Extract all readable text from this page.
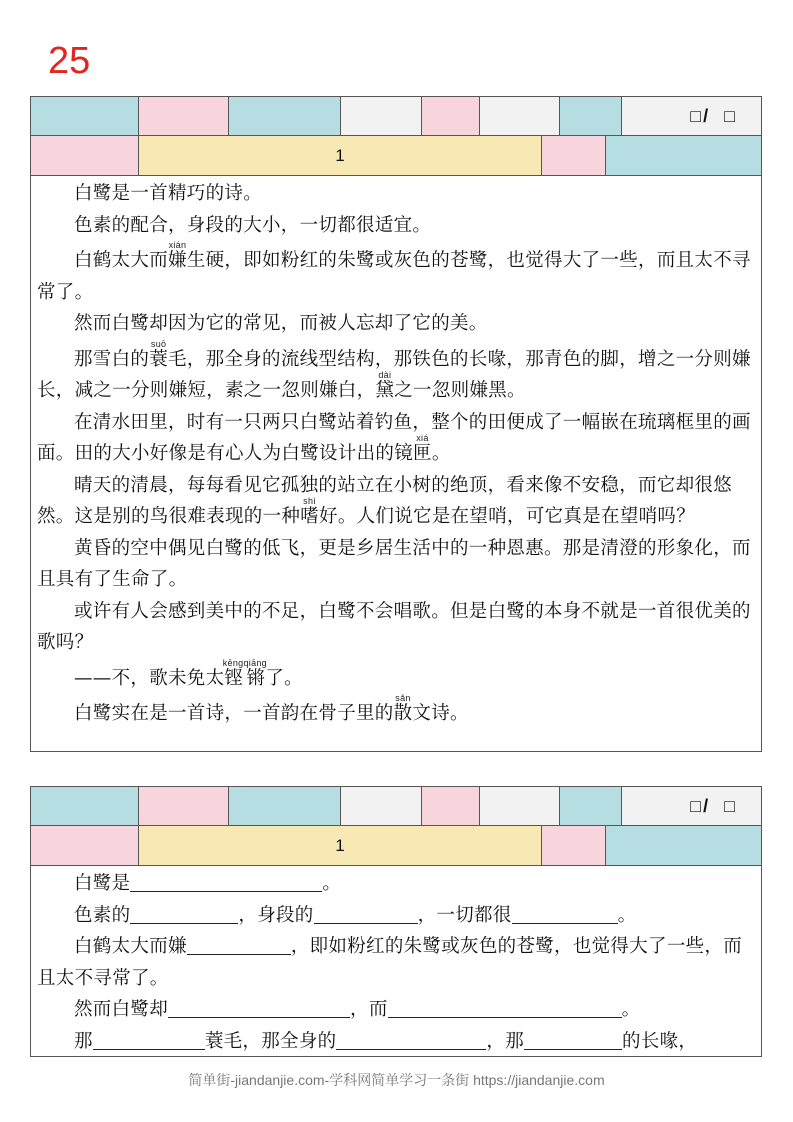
25
□/  □
1

白鹭是一首精巧的诗。

色素的配合，身段的大小，一切都很适宜。

白鹤太大而嫌xián生硬，即如粉红的朱鹭或灰色的苍鹭，也觉得大了一些，而且太不寻常了。

然而白鹭却因为它的常见，而被人忘却了它的美。

那雪白的蓑suō毛，那全身的流线型结构，那铁色的长喙，那青色的脚，增之一分则嫌长，减之一分则嫌短，素之一忽则嫌白，黛dài之一忽则嫌黑。

在清水田里，时有一只两只白鹭站着钓鱼，整个的田便成了一幅嵌在琉璃框里的画面。田的大小好像是有心人为白鹭设计出的镜匣xiá。

晴天的清晨，每每看见它孤独的站立在小树的绝顶，看来像不安稳，而它却很悠然。这是别的鸟很难表现的一种嗜shì好。人们说它是在望哨，可它真是在望哨吗？

黄昏的空中偶见白鹭的低飞，更是乡居生活中的一种恩惠。那是清澄的形象化，而且具有了生命了。

或许有人会感到美中的不足，白鹭不会唱歌。但是白鹭的本身不就是一首很优美的歌吗？

——不，歌未免太铿锵kēngqiāng了。

白鹭实在是一首诗，一首韵在骨子里的散sǎn文诗。

□/  □
1

白鹭是	。

色素的	，身段的	，一切都很	。

白鹤太大而嫌	，即如粉红的朱鹭或灰色的苍鹭，也觉得大了一些，而且太不寻常了。

然而白鹭却	，而	。

那	蓑毛，那全身的	，那	的长喙，

简单街-jiandanjie.com-学科网简单学习一条街 https://jiandanjie.com
